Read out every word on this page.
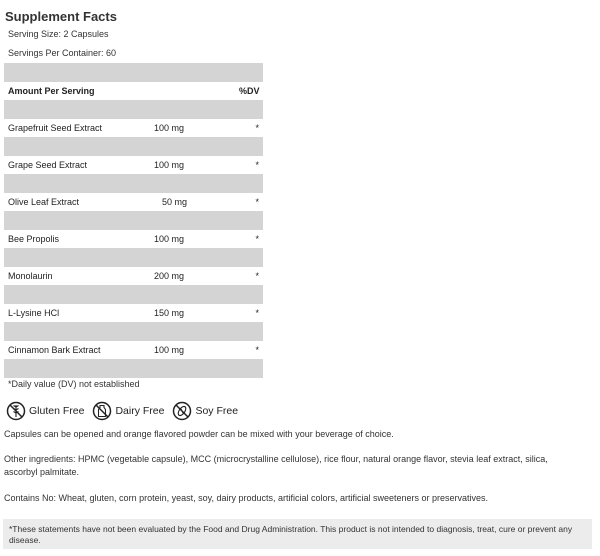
Supplement Facts
Serving Size: 2 Capsules
Servings Per Container: 60
Amount Per Serving	%DV
Grapefruit Seed Extract	100 mg	*
Grape Seed Extract	100 mg	*
Olive Leaf Extract	50 mg	*
Bee Propolis	100 mg	*
Monolaurin	200 mg	*
L-Lysine HCl	150 mg	*
Cinnamon Bark Extract	100 mg	*
*Daily value (DV) not established
Gluten Free	Dairy Free	Soy Free
Capsules can be opened and orange flavored powder can be mixed with your beverage of choice.
Other ingredients: HPMC (vegetable capsule), MCC (microcrystalline cellulose), rice flour, natural orange flavor, stevia leaf extract, silica, ascorbyl palmitate.
Contains No: Wheat, gluten, corn protein, yeast, soy, dairy products, artificial colors, artificial sweeteners or preservatives.
*These statements have not been evaluated by the Food and Drug Administration. This product is not intended to diagnosis, treat, cure or prevent any disease.
